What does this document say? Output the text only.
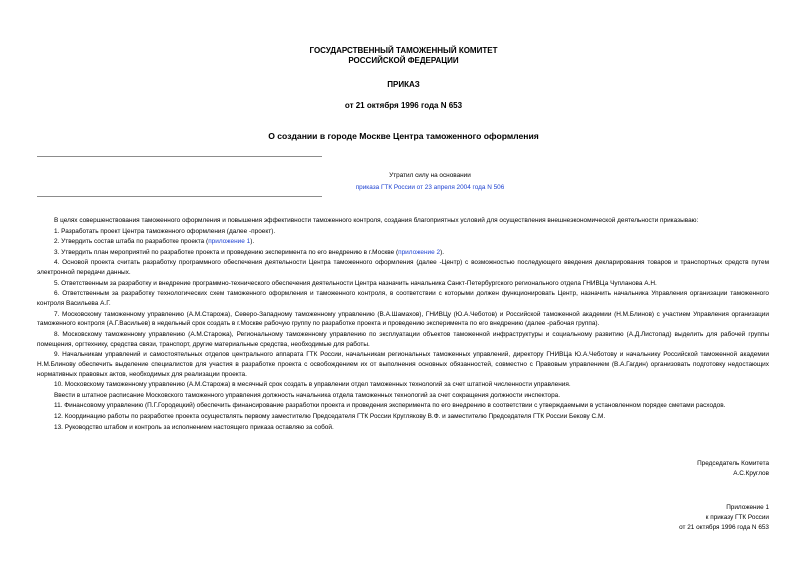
ГОСУДАРСТВЕННЫЙ ТАМОЖЕННЫЙ КОМИТЕТ
РОССИЙСКОЙ ФЕДЕРАЦИИ
ПРИКАЗ
от 21 октября 1996 года N 653
О создании в городе Москве Центра таможенного оформления
Утратил силу на основании
приказа ГТК России от 23 апреля 2004 года N 506

В целях совершенствования таможенного оформления и повышения эффективности таможенного контроля, создания благоприятных условий для осуществления внешнеэкономической деятельности приказываю:

1. Разработать проект Центра таможенного оформления (далее -проект).

2. Утвердить состав штаба по разработке проекта (приложение 1).

3. Утвердить план мероприятий по разработке проекта и проведению эксперимента по его внедрению в г.Москве (приложение 2).

4. Основой проекта считать разработку программного обеспечения деятельности Центра таможенного оформления (далее -Центр) с возможностью последующего введения декларирования товаров и транспортных средств путем электронной передачи данных.

5. Ответственным за разработку и внедрение программно-технического обеспечения деятельности Центра назначить начальника Санкт-Петербургского регионального отдела ГНИВЦа Чупланова А.Н.

6. Ответственным за разработку технологических схем таможенного оформления и таможенного контроля, в соответствии с которыми должен функционировать Центр, назначить начальника Управления организации таможенного контроля Васильева А.Г.

7. Московскому таможенному управлению (А.М.Старожа), Северо-Западному таможенному управлению (В.А.Шамахов), ГНИВЦу (Ю.А.Чеботов) и Российской таможенной академии (Н.М.Блинов) с участием Управления организации таможенного контроля (А.Г.Васильев) в недельный срок создать в г.Москве рабочую группу по разработке проекта и проведению эксперимента по его внедрению (далее -рабочая группа).

8. Московскому таможенному управлению (А.М.Старожа), Региональному таможенному управлению по эксплуатации объектов таможенной инфраструктуры и социальному развитию (А.Д.Листопад) выделить для рабочей группы помещения, оргтехнику, средства связи, транспорт, другие материальные средства, необходимые для работы.

9. Начальникам управлений и самостоятельных отделов центрального аппарата ГТК России, начальникам региональных таможенных управлений, директору ГНИВЦа Ю.А.Чеботову и начальнику Российской таможенной академии Н.М.Блинову обеспечить выделение специалистов для участия в разработке проекта с освобождением их от выполнения основных обязанностей, совместно с Правовым управлением (В.А.Гагдин) организовать подготовку недостающих нормативных правовых актов, необходимых для реализации проекта.

10. Московскому таможенному управлению (А.М.Старожа) в месячный срок создать в управлении отдел таможенных технологий за счет штатной численности управления.

Ввести в штатное расписание Московского таможенного управления должность начальника отдела таможенных технологий за счет сокращения должности инспектора.

11. Финансовому управлению (П.Г.Городецкий) обеспечить финансирование разработки проекта и проведения эксперимента по его внедрению в соответствии с утверждаемыми в установленном порядке сметами расходов.

12. Координацию работы по разработке проекта осуществлять первому заместителю Председателя ГТК России Круглякову В.Ф. и заместителю Председателя ГТК России Бекову С.М.

13. Руководство штабом и контроль за исполнением настоящего приказа оставляю за собой.

Председатель Комитета
А.С.Круглов
Приложение 1
к приказу ГТК России
от 21 октября 1996 года N 653
